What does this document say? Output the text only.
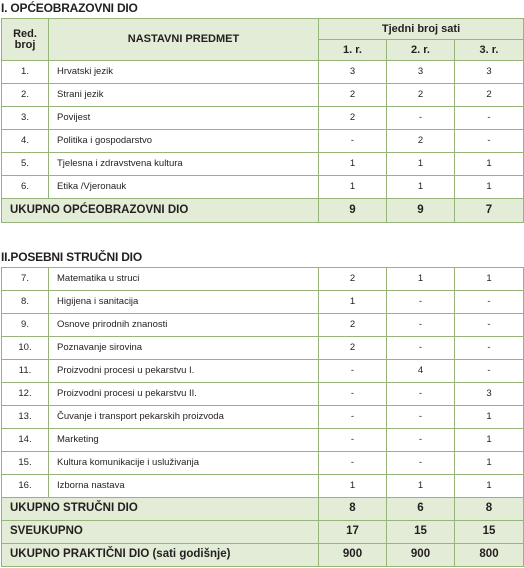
I. OPĆEOBRAZOVNI DIO
Red.
broj	NASTAVNI PREDMET	Tjedni broj sati		
		1. r.	2. r.	3. r.
1.	Hrvatski jezik	3	3	3
2.	Strani jezik	2	2	2
3.	Povijest	2	-	-
4.	Politika i gospodarstvo	-	2	-
5.	Tjelesna i zdravstvena kultura	1	1	1
6.	Etika /Vjeronauk	1	1	1
UKUPNO OPĆEOBRAZOVNI DIO		9	9	7
II.POSEBNI STRUČNI DIO
7.	Matematika u struci	2	1	1
8.	Higijena i sanitacija	1	-	-
9.	Osnove prirodnih znanosti	2	-	-
10.	Poznavanje sirovina	2	-	-
11.	Proizvodni procesi u pekarstvu I.	-	4	-
12.	Proizvodni procesi u pekarstvu II.	-	-	3
13.	Čuvanje i transport pekarskih proizvoda	-	-	1
14.	Marketing	-	-	1
15.	Kultura komunikacije i usluživanja	-	-	1
16.	Izborna nastava	1	1	1
UKUPNO STRUČNI DIO		8	6	8
SVEUKUPNO		17	15	15
UKUPNO PRAKTIČNI DIO (sati godišnje)		900	900	800
